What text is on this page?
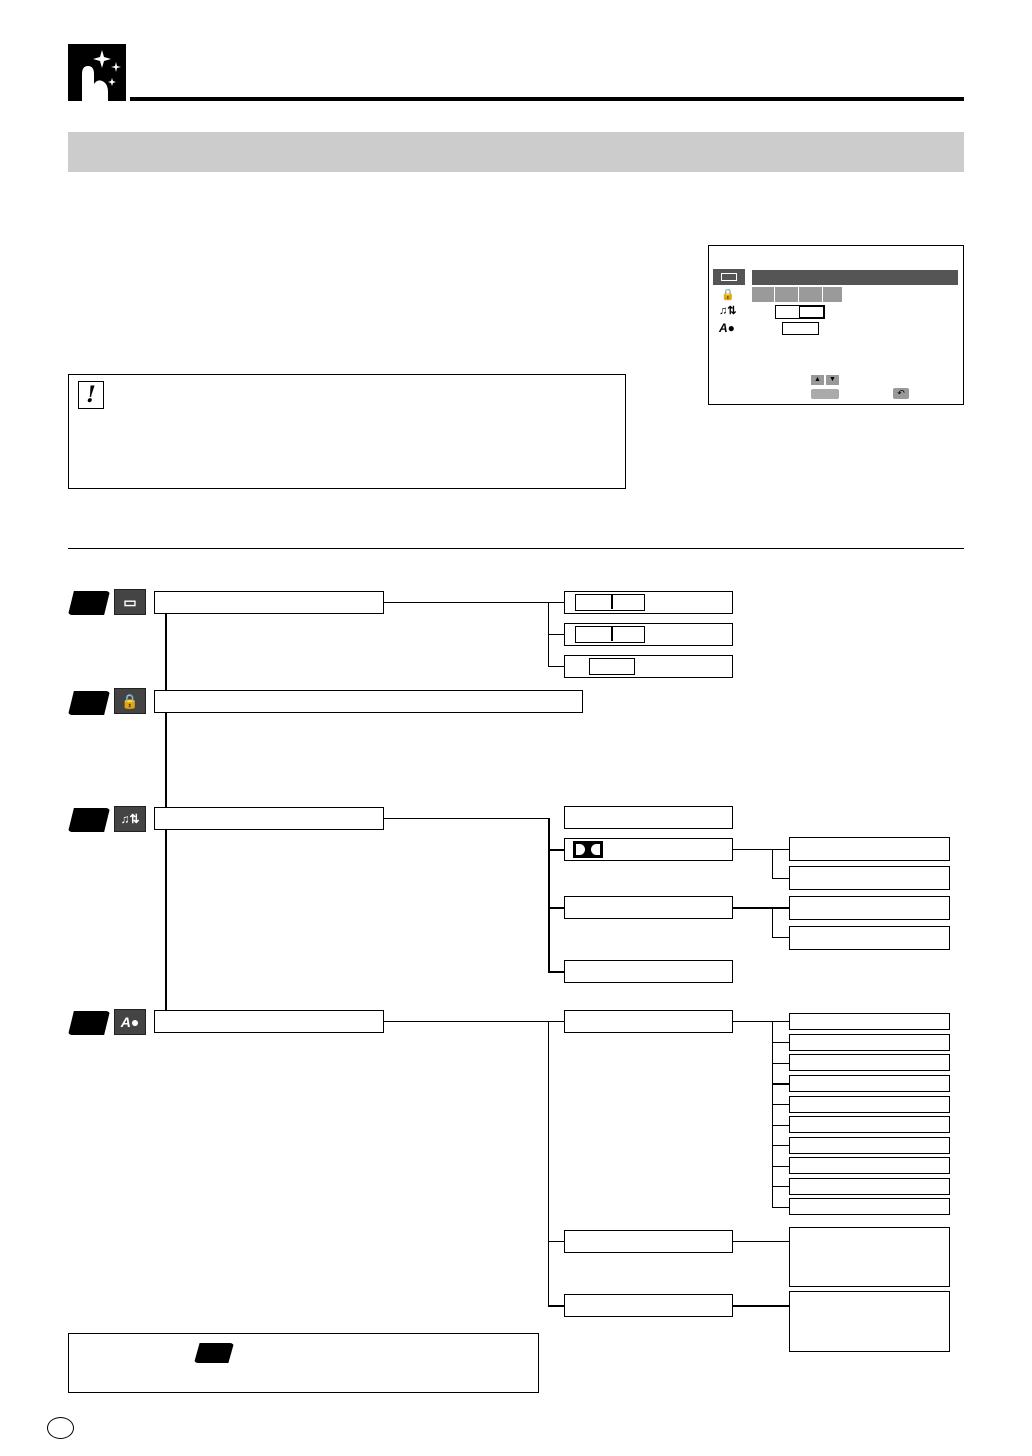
🔒
♫⇅
A●
▲	▼
↶
!
▭
🔒
♫⇅
A●
